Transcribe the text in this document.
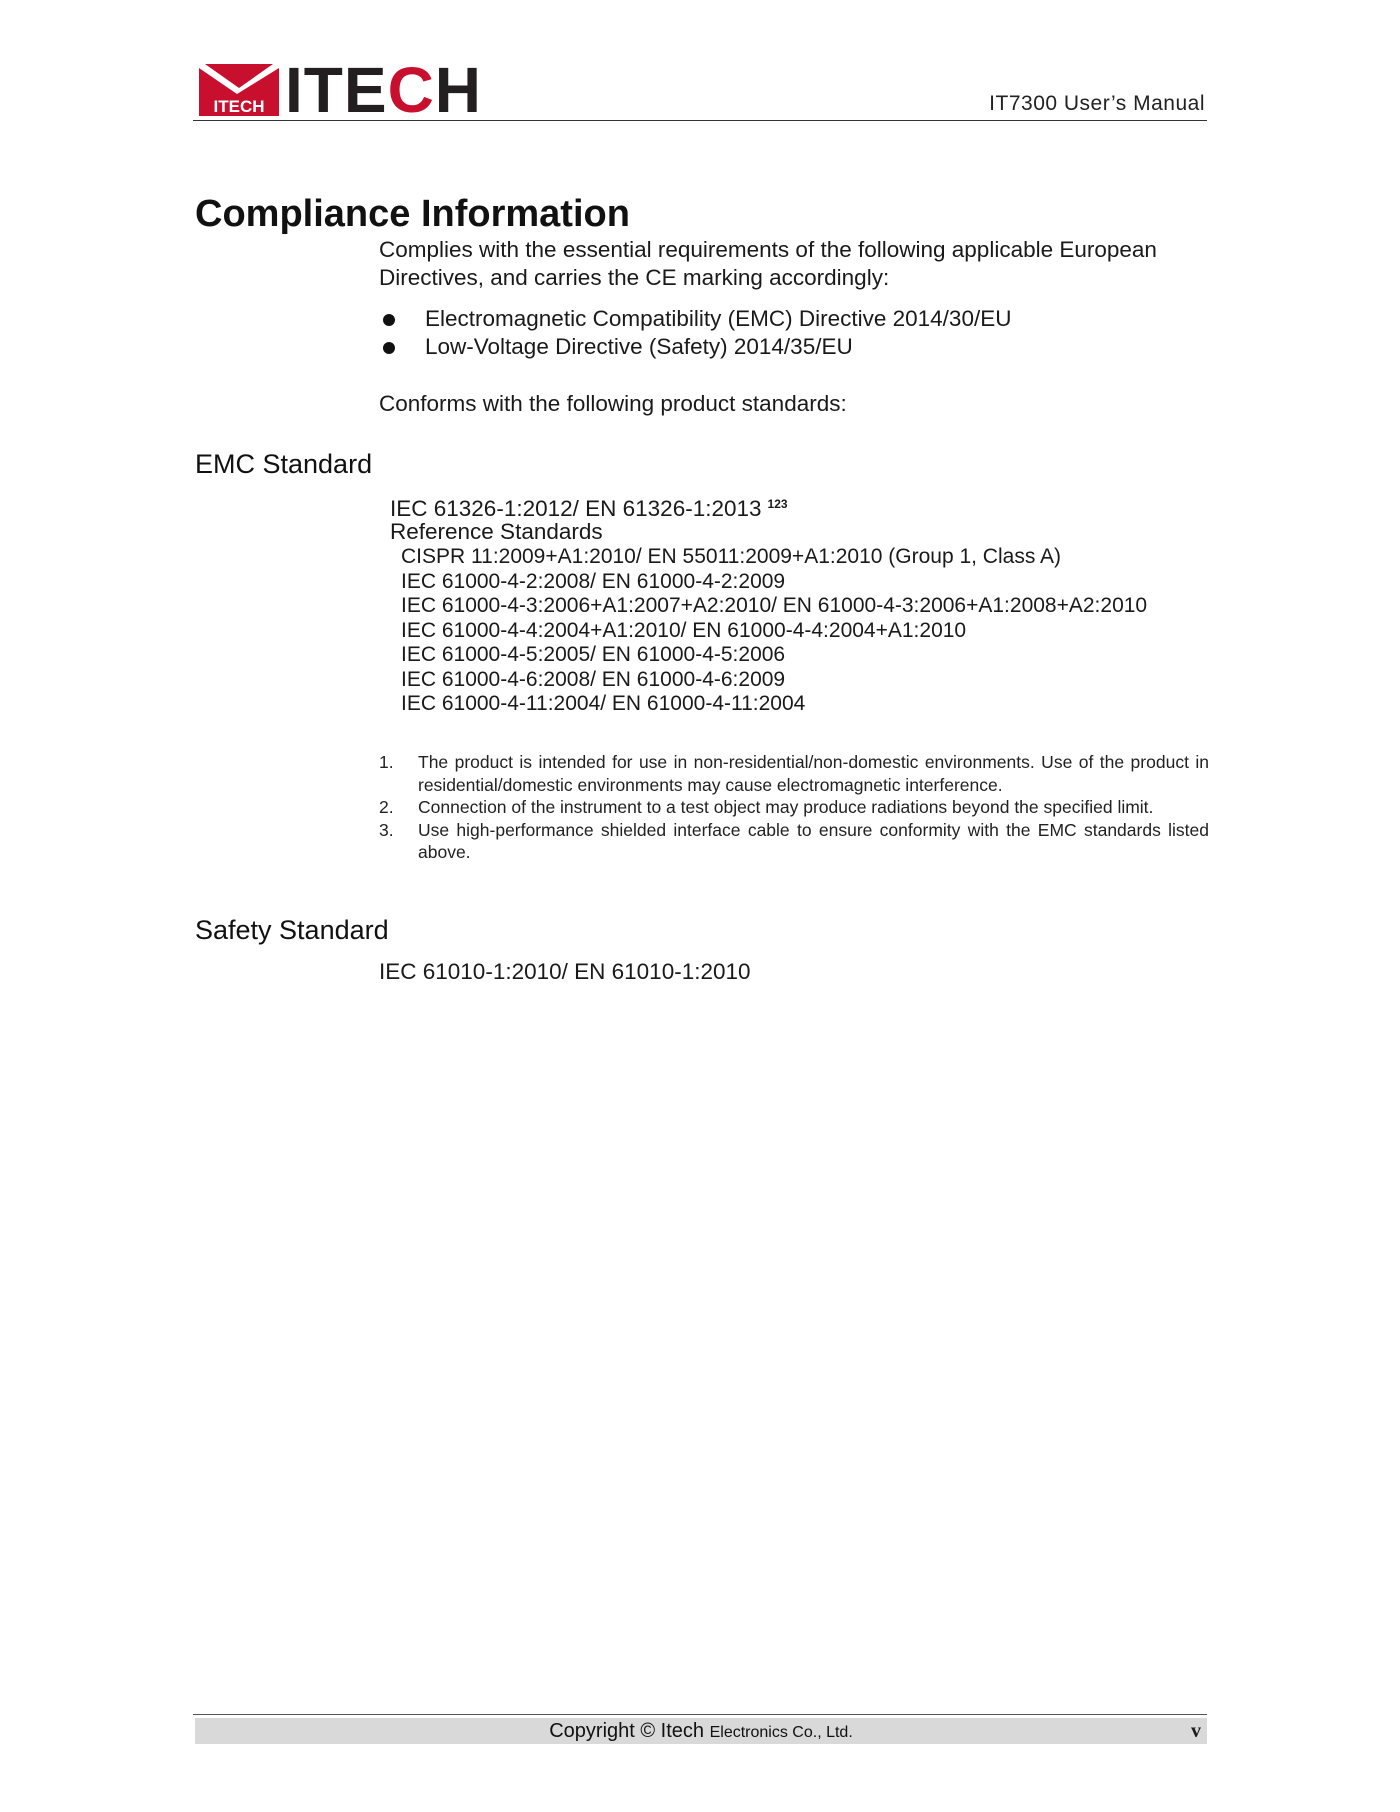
ITECH ITECH	IT7300 User’s Manual
Compliance Information
Complies with the essential requirements of the following applicable European Directives, and carries the CE marking accordingly:
Electromagnetic Compatibility (EMC) Directive 2014/30/EU
Low-Voltage Directive (Safety) 2014/35/EU
Conforms with the following product standards:
EMC Standard
IEC 61326-1:2012/ EN 61326-1:2013 $^{123}$
Reference Standards
CISPR 11:2009+A1:2010/ EN 55011:2009+A1:2010 (Group 1, Class A)
IEC 61000-4-2:2008/ EN 61000-4-2:2009
IEC 61000-4-3:2006+A1:2007+A2:2010/ EN 61000-4-3:2006+A1:2008+A2:2010
IEC 61000-4-4:2004+A1:2010/ EN 61000-4-4:2004+A1:2010
IEC 61000-4-5:2005/ EN 61000-4-5:2006
IEC 61000-4-6:2008/ EN 61000-4-6:2009
IEC 61000-4-11:2004/ EN 61000-4-11:2004
1. The product is intended for use in non-residential/non-domestic environments. Use of the product in residential/domestic environments may cause electromagnetic interference.
2. Connection of the instrument to a test object may produce radiations beyond the specified limit.
3. Use high-performance shielded interface cable to ensure conformity with the EMC standards listed above.
Safety Standard
IEC 61010-1:2010/ EN 61010-1:2010
Copyright © Itech Electronics Co., Ltd.	v
